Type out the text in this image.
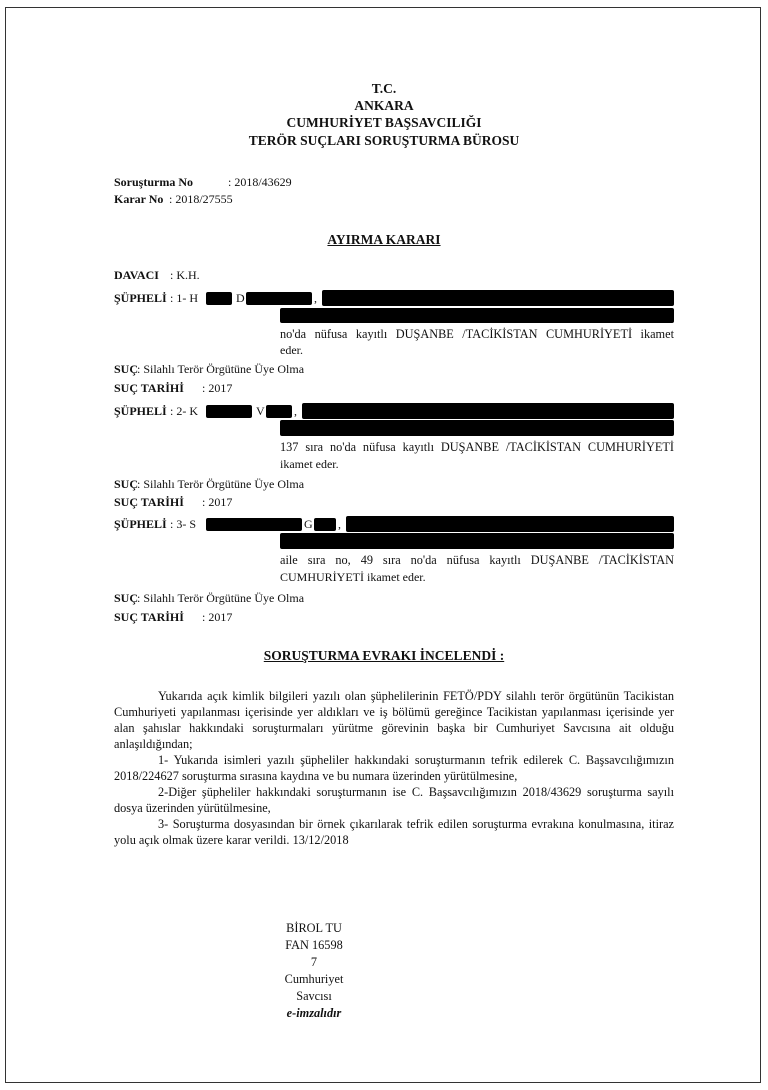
T.C.
ANKARA
CUMHURİYET BAŞSAVCILIĞI
TERÖR SUÇLARI SORUŞTURMA BÜROSU
Soruşturma No	: 2018/43629
Karar No : 2018/27555
AYIRMA KARARI
DAVACI : K.H.
ŞÜPHELİ : 1- H	D	,
no'da nüfusa kayıtlı DUŞANBE /TACİKİSTAN CUMHURİYETİ ikamet
eder.
SUÇ
: Silahlı Terör Örgütüne Üye Olma
SUÇ TARİHİ : 2017
ŞÜPHELİ : 2- K	V ,
137 sıra no'da nüfusa kayıtlı DUŞANBE /TACİKİSTAN CUMHURİYETİ
ikamet eder.
SUÇ
: Silahlı Terör Örgütüne Üye Olma
SUÇ TARİHİ : 2017
ŞÜPHELİ : 3- S	G ,
aile sıra no, 49 sıra no'da nüfusa kayıtlı DUŞANBE /TACİKİSTAN
CUMHURİYETİ ikamet eder.
SUÇ
: Silahlı Terör Örgütüne Üye Olma
SUÇ TARİHİ : 2017
SORUŞTURMA EVRAKI İNCELENDİ :

Yukarıda açık kimlik bilgileri yazılı olan şüphelilerinin FETÖ/PDY silahlı terör örgütünün Tacikistan Cumhuriyeti yapılanması içerisinde yer aldıkları ve iş bölümü gereğince Tacikistan yapılanması içerisinde yer alan şahıslar hakkındaki soruşturmaları yürütme görevinin başka bir Cumhuriyet Savcısına ait olduğu anlaşıldığından;

1- Yukarıda isimleri yazılı şüpheliler hakkındaki soruşturmanın tefrik edilerek C. Başsavcılığımızın 2018/224627 soruşturma sırasına kaydına ve bu numara üzerinden yürütülmesine,

2-Diğer şüpheliler hakkındaki soruşturmanın ise C. Başsavcılığımızın 2018/43629 soruşturma sayılı dosya üzerinden yürütülmesine,

3- Soruşturma dosyasından bir örnek çıkarılarak tefrik edilen soruşturma evrakına konulmasına, itiraz yolu açık olmak üzere karar verildi. 13/12/2018

BİROL TU
FAN 16598
7
Cumhuriyet
Savcısı
e-imzalıdır
